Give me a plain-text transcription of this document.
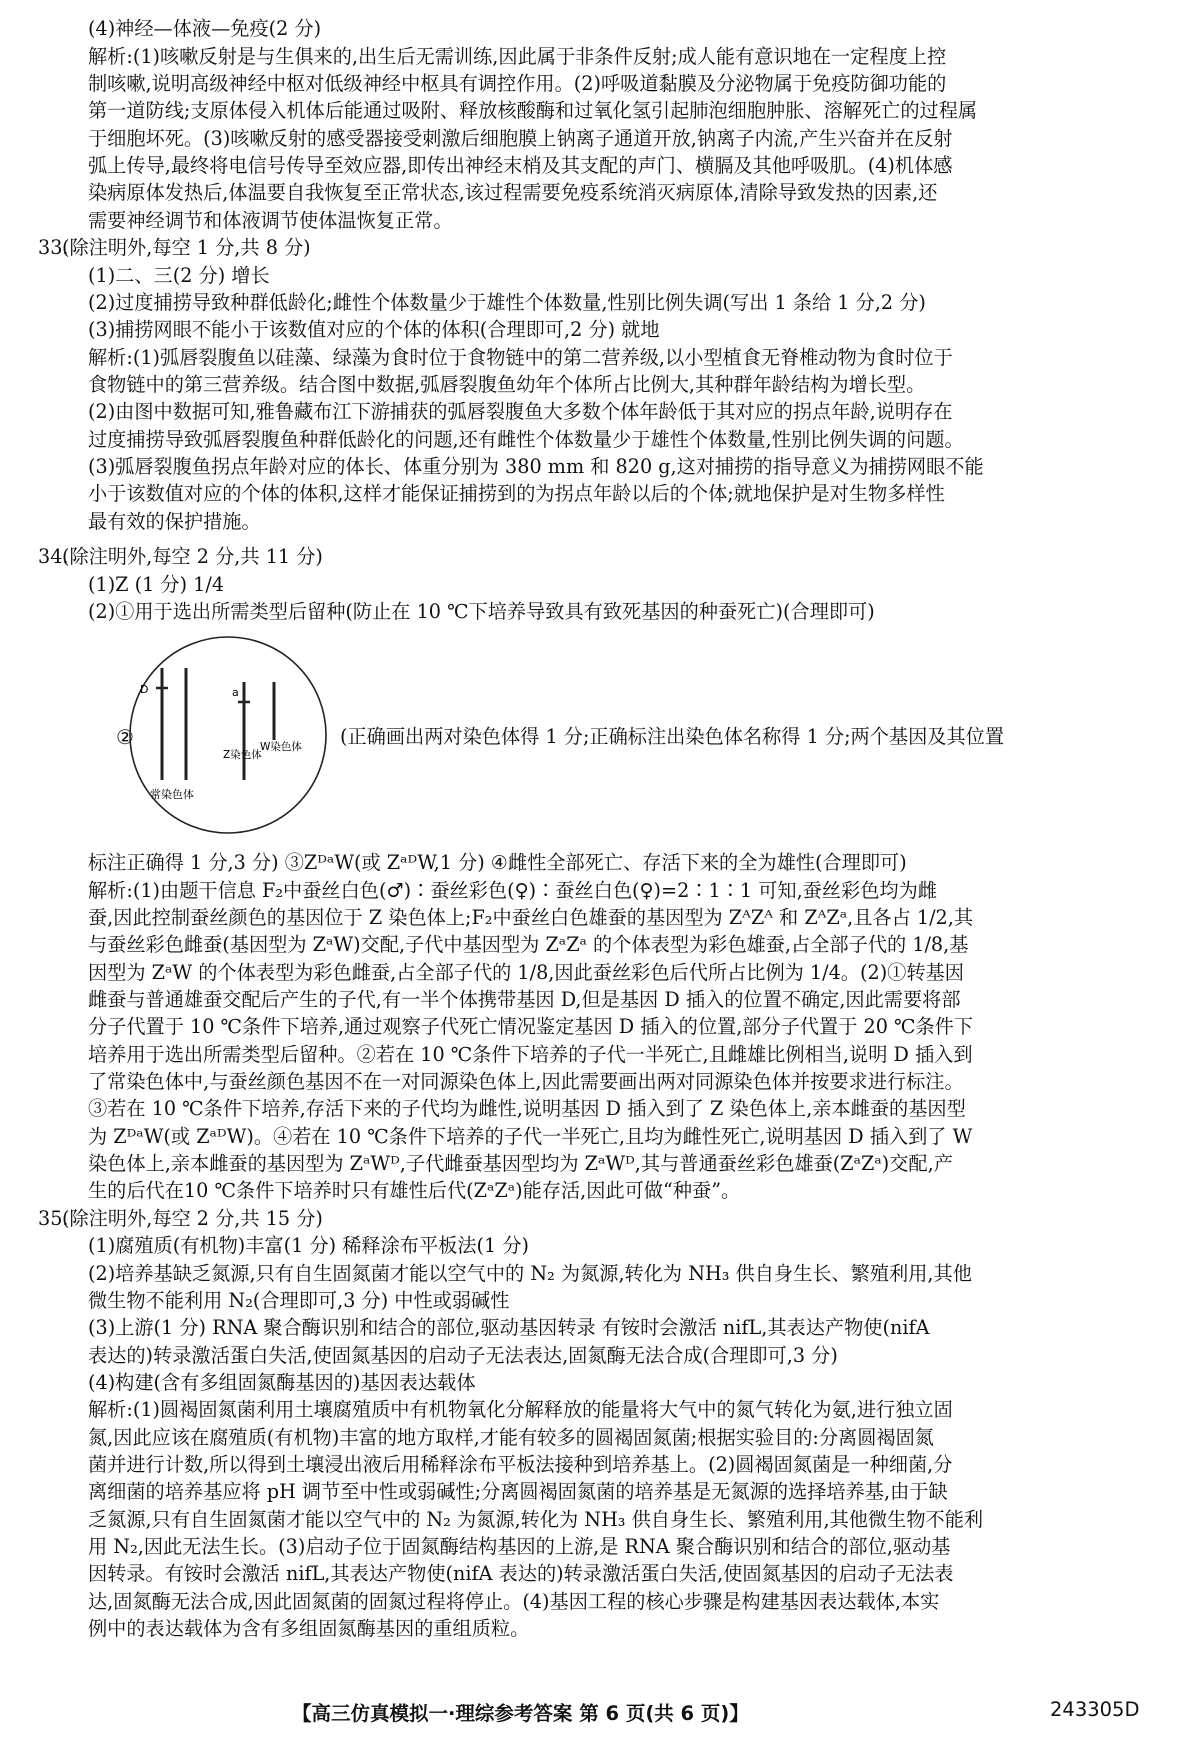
(4)神经—体液—免疫(2 分)
解析:(1)咳嗽反射是与生俱来的,出生后无需训练,因此属于非条件反射;成人能有意识地在一定程度上控
制咳嗽,说明高级神经中枢对低级神经中枢具有调控作用。(2)呼吸道黏膜及分泌物属于免疫防御功能的
第一道防线;支原体侵入机体后能通过吸附、释放核酸酶和过氧化氢引起肺泡细胞肿胀、溶解死亡的过程属
于细胞坏死。(3)咳嗽反射的感受器接受刺激后细胞膜上钠离子通道开放,钠离子内流,产生兴奋并在反射
弧上传导,最终将电信号传导至效应器,即传出神经末梢及其支配的声门、横膈及其他呼吸肌。(4)机体感
染病原体发热后,体温要自我恢复至正常状态,该过程需要免疫系统消灭病原体,清除导致发热的因素,还
需要神经调节和体液调节使体温恢复正常。
33.
(除注明外,每空 1 分,共 8 分)
(1)二、三(2 分) 增长
(2)过度捕捞导致种群低龄化;雌性个体数量少于雄性个体数量,性别比例失调(写出 1 条给 1 分,2 分)
(3)捕捞网眼不能小于该数值对应的个体的体积(合理即可,2 分) 就地
解析:(1)弧唇裂腹鱼以硅藻、绿藻为食时位于食物链中的第二营养级,以小型植食无脊椎动物为食时位于
食物链中的第三营养级。结合图中数据,弧唇裂腹鱼幼年个体所占比例大,其种群年龄结构为增长型。
(2)由图中数据可知,雅鲁藏布江下游捕获的弧唇裂腹鱼大多数个体年龄低于其对应的拐点年龄,说明存在
过度捕捞导致弧唇裂腹鱼种群低龄化的问题,还有雌性个体数量少于雄性个体数量,性别比例失调的问题。
(3)弧唇裂腹鱼拐点年龄对应的体长、体重分别为 380 mm 和 820 g,这对捕捞的指导意义为捕捞网眼不能
小于该数值对应的个体的体积,这样才能保证捕捞到的为拐点年龄以后的个体;就地保护是对生物多样性
最有效的保护措施。
34.
(除注明外,每空 2 分,共 11 分)
(1)Z (1 分) 1/4
(2)①用于选出所需类型后留种(防止在 10 ℃下培养导致具有致死基因的种蚕死亡)(合理即可)
②
D	a
Z染色体
W染色体
常染色体
(正确画出两对染色体得 1 分;正确标注出染色体名称得 1 分;两个基因及其位置
标注正确得 1 分,3 分) ③ZᴰᵃW(或 ZᵃᴰW,1 分) ④雌性全部死亡、存活下来的全为雄性(合理即可)
解析:(1)由题干信息 F₂中蚕丝白色(♂)∶蚕丝彩色(♀)∶蚕丝白色(♀)=2∶1∶1 可知,蚕丝彩色均为雌
蚕,因此控制蚕丝颜色的基因位于 Z 染色体上;F₂中蚕丝白色雄蚕的基因型为 ZᴬZᴬ 和 ZᴬZᵃ,且各占 1/2,其
与蚕丝彩色雌蚕(基因型为 ZᵃW)交配,子代中基因型为 ZᵃZᵃ 的个体表型为彩色雄蚕,占全部子代的 1/8,基
因型为 ZᵃW 的个体表型为彩色雌蚕,占全部子代的 1/8,因此蚕丝彩色后代所占比例为 1/4。(2)①转基因
雌蚕与普通雄蚕交配后产生的子代,有一半个体携带基因 D,但是基因 D 插入的位置不确定,因此需要将部
分子代置于 10 ℃条件下培养,通过观察子代死亡情况鉴定基因 D 插入的位置,部分子代置于 20 ℃条件下
培养用于选出所需类型后留种。②若在 10 ℃条件下培养的子代一半死亡,且雌雄比例相当,说明 D 插入到
了常染色体中,与蚕丝颜色基因不在一对同源染色体上,因此需要画出两对同源染色体并按要求进行标注。
③若在 10 ℃条件下培养,存活下来的子代均为雌性,说明基因 D 插入到了 Z 染色体上,亲本雌蚕的基因型
为 ZᴰᵃW(或 ZᵃᴰW)。④若在 10 ℃条件下培养的子代一半死亡,且均为雌性死亡,说明基因 D 插入到了 W
染色体上,亲本雌蚕的基因型为 ZᵃWᴰ,子代雌蚕基因型均为 ZᵃWᴰ,其与普通蚕丝彩色雄蚕(ZᵃZᵃ)交配,产
生的后代在10 ℃条件下培养时只有雄性后代(ZᵃZᵃ)能存活,因此可做“种蚕”。
35.
(除注明外,每空 2 分,共 15 分)
(1)腐殖质(有机物)丰富(1 分) 稀释涂布平板法(1 分)
(2)培养基缺乏氮源,只有自生固氮菌才能以空气中的 N₂ 为氮源,转化为 NH₃ 供自身生长、繁殖利用,其他
微生物不能利用 N₂(合理即可,3 分) 中性或弱碱性
(3)上游(1 分) RNA 聚合酶识别和结合的部位,驱动基因转录 有铵时会激活 nifL,其表达产物使(nifA
表达的)转录激活蛋白失活,使固氮基因的启动子无法表达,固氮酶无法合成(合理即可,3 分)
(4)构建(含有多组固氮酶基因的)基因表达载体
解析:(1)圆褐固氮菌利用土壤腐殖质中有机物氧化分解释放的能量将大气中的氮气转化为氨,进行独立固
氮,因此应该在腐殖质(有机物)丰富的地方取样,才能有较多的圆褐固氮菌;根据实验目的:分离圆褐固氮
菌并进行计数,所以得到土壤浸出液后用稀释涂布平板法接种到培养基上。(2)圆褐固氮菌是一种细菌,分
离细菌的培养基应将 pH 调节至中性或弱碱性;分离圆褐固氮菌的培养基是无氮源的选择培养基,由于缺
乏氮源,只有自生固氮菌才能以空气中的 N₂ 为氮源,转化为 NH₃ 供自身生长、繁殖利用,其他微生物不能利
用 N₂,因此无法生长。(3)启动子位于固氮酶结构基因的上游,是 RNA 聚合酶识别和结合的部位,驱动基
因转录。有铵时会激活 nifL,其表达产物使(nifA 表达的)转录激活蛋白失活,使固氮基因的启动子无法表
达,固氮酶无法合成,因此固氮菌的固氮过程将停止。(4)基因工程的核心步骤是构建基因表达载体,本实
例中的表达载体为含有多组固氮酶基因的重组质粒。
【高三仿真模拟一·理综参考答案 第 6 页(共 6 页)】	243305D
